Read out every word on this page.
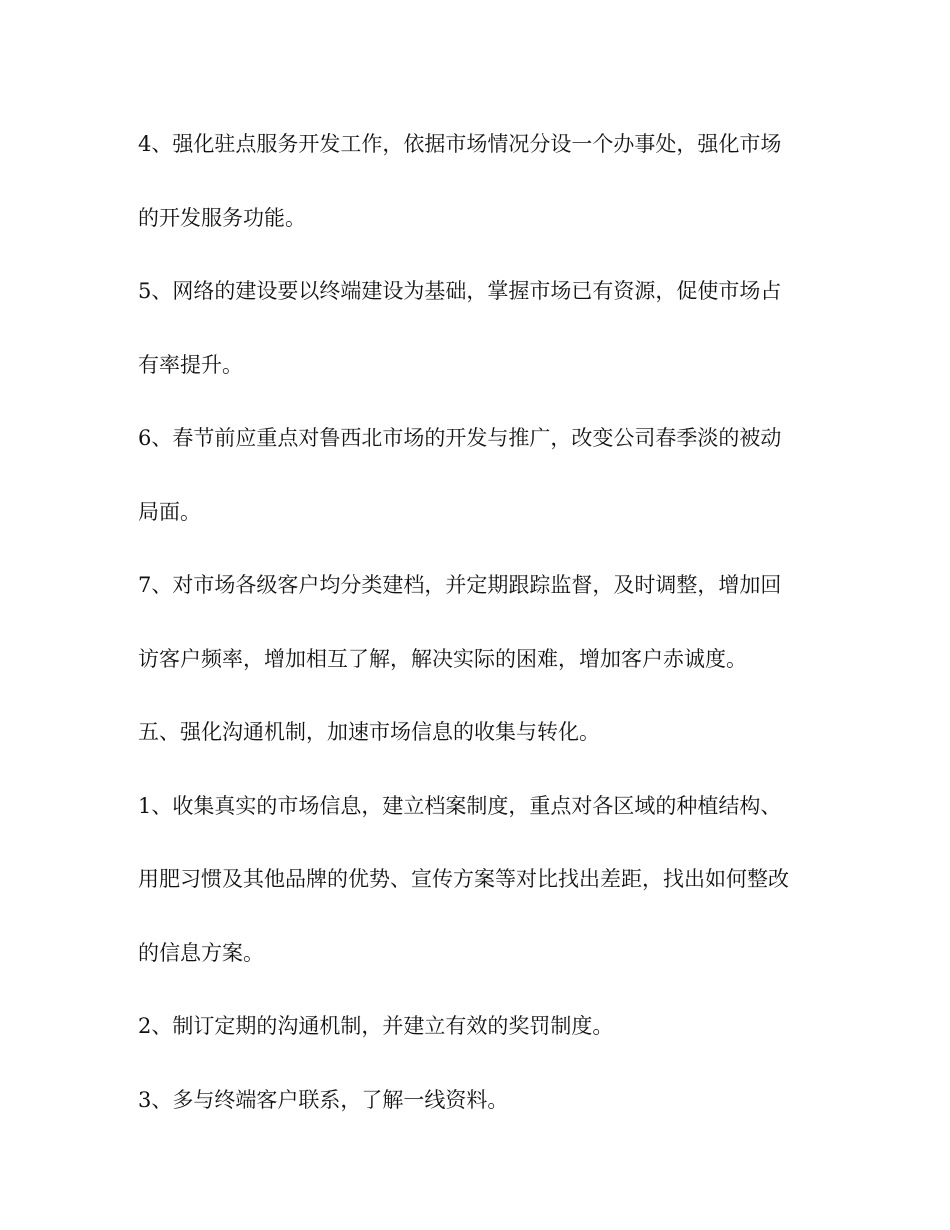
4、强化驻点服务开发工作，依据市场情况分设一个办事处，强化市场

的开发服务功能。

5、网络的建设要以终端建设为基础，掌握市场已有资源，促使市场占

有率提升。

6、春节前应重点对鲁西北市场的开发与推广，改变公司春季淡的被动

局面。

7、对市场各级客户均分类建档，并定期跟踪监督，及时调整，增加回

访客户频率，增加相互了解，解决实际的困难，增加客户赤诚度。

五、强化沟通机制，加速市场信息的收集与转化。

1、收集真实的市场信息，建立档案制度，重点对各区域的种植结构、

用肥习惯及其他品牌的优势、宣传方案等对比找出差距，找出如何整改

的信息方案。

2、制订定期的沟通机制，并建立有效的奖罚制度。

3、多与终端客户联系，了解一线资料。
